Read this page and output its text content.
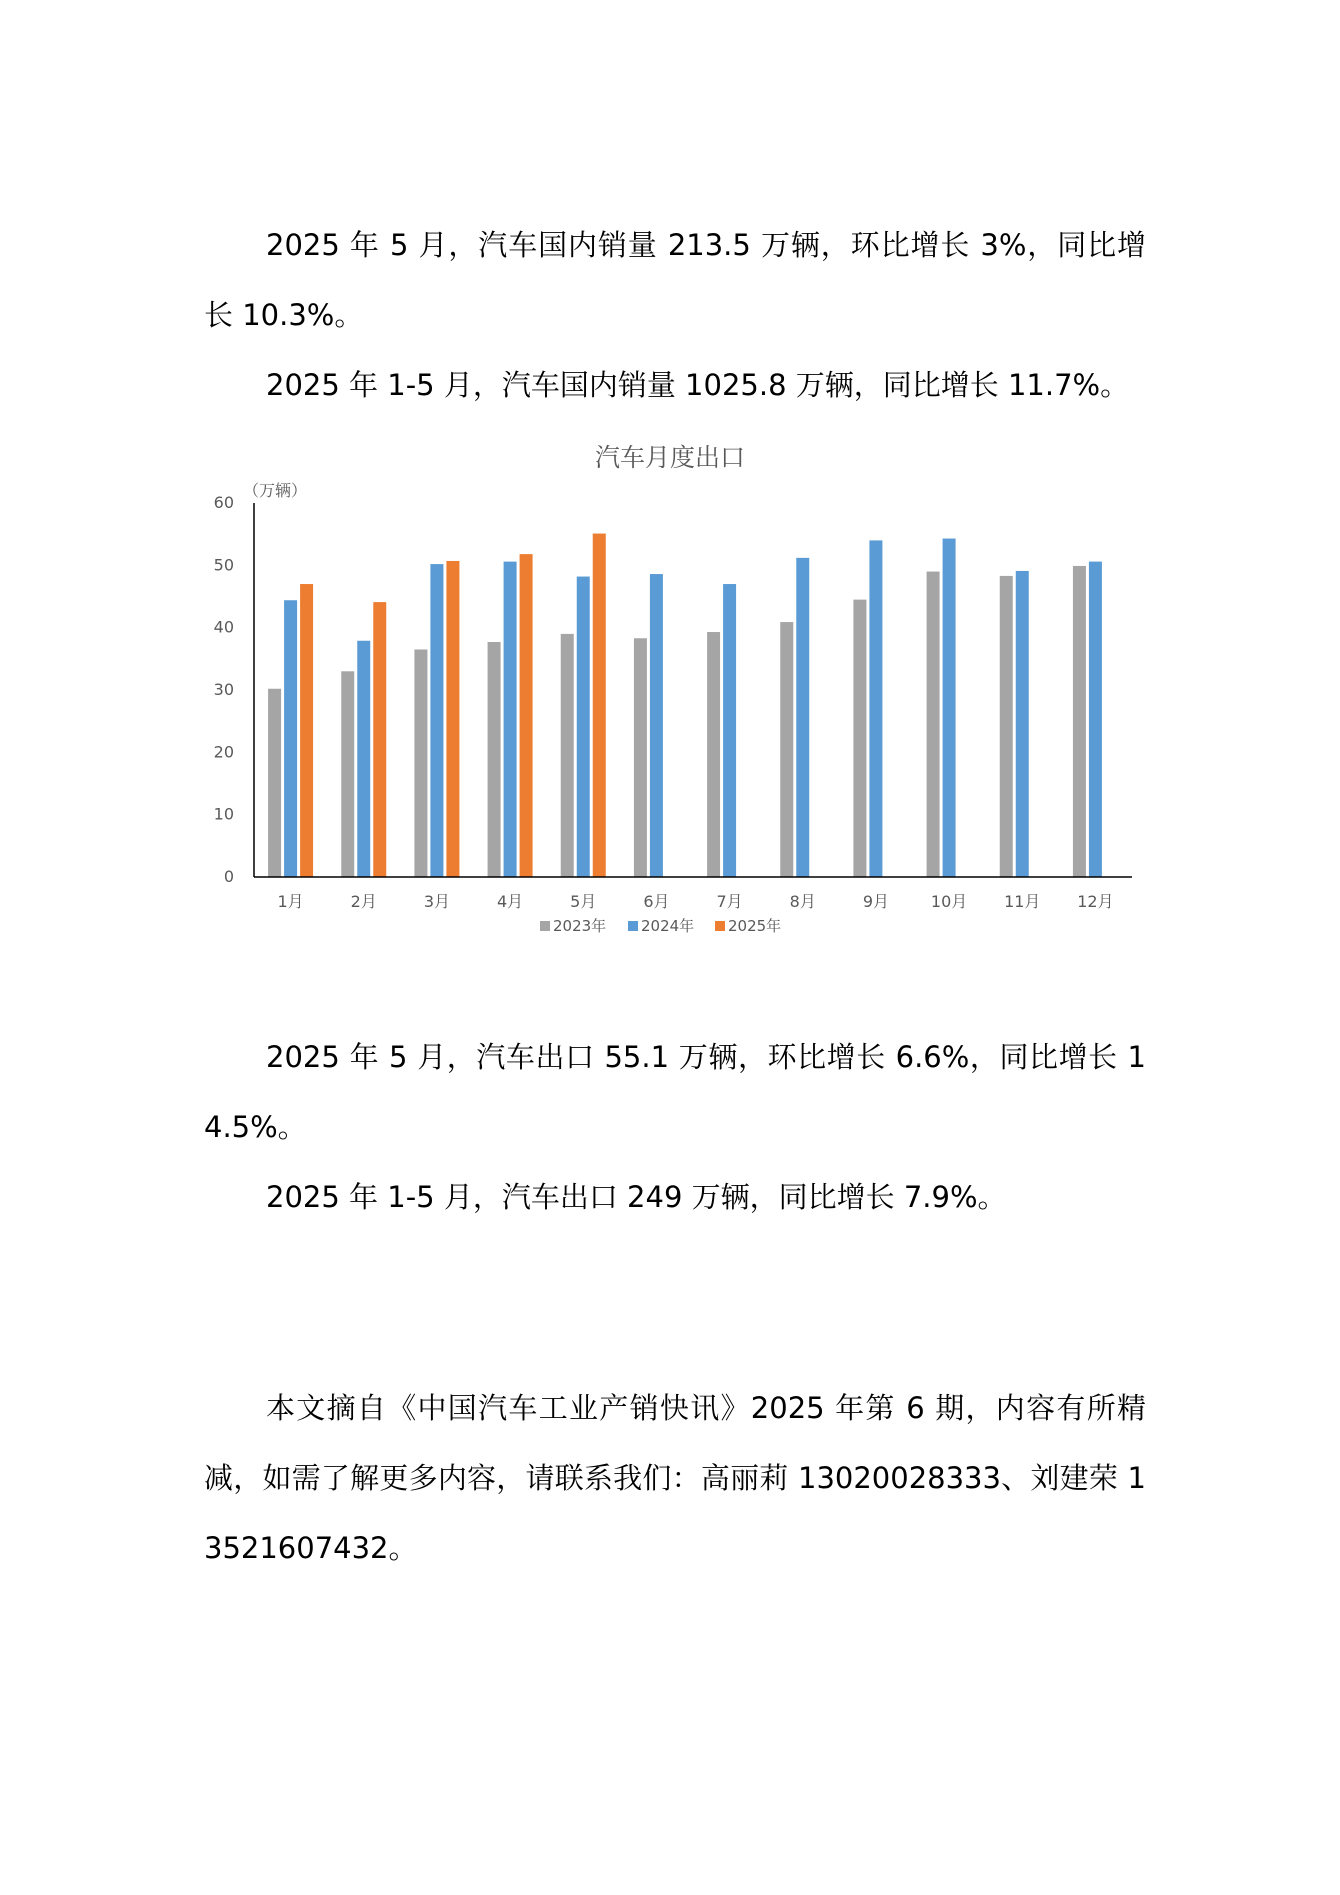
2025 年 5 月，汽车国内销量 213.5 万辆，环比增长 3%，同比增长 10.3%。

2025 年 1-5 月，汽车国内销量 1025.8 万辆，同比增长 11.7%。

汽车月度出口
（万辆）
0
10
20
30
40
50
60
1月	2月	3月	4月	5月	6月	7月	8月	9月	10月 11月 12月
2023年 2024年 2025年

2025 年 5 月，汽车出口 55.1 万辆，环比增长 6.6%，同比增长 14.5%。

2025 年 1-5 月，汽车出口 249 万辆，同比增长 7.9%。

本文摘自《中国汽车工业产销快讯》2025 年第 6 期，内容有所精减，如需了解更多内容，请联系我们：高丽莉 13020028333、刘建荣 13521607432。
